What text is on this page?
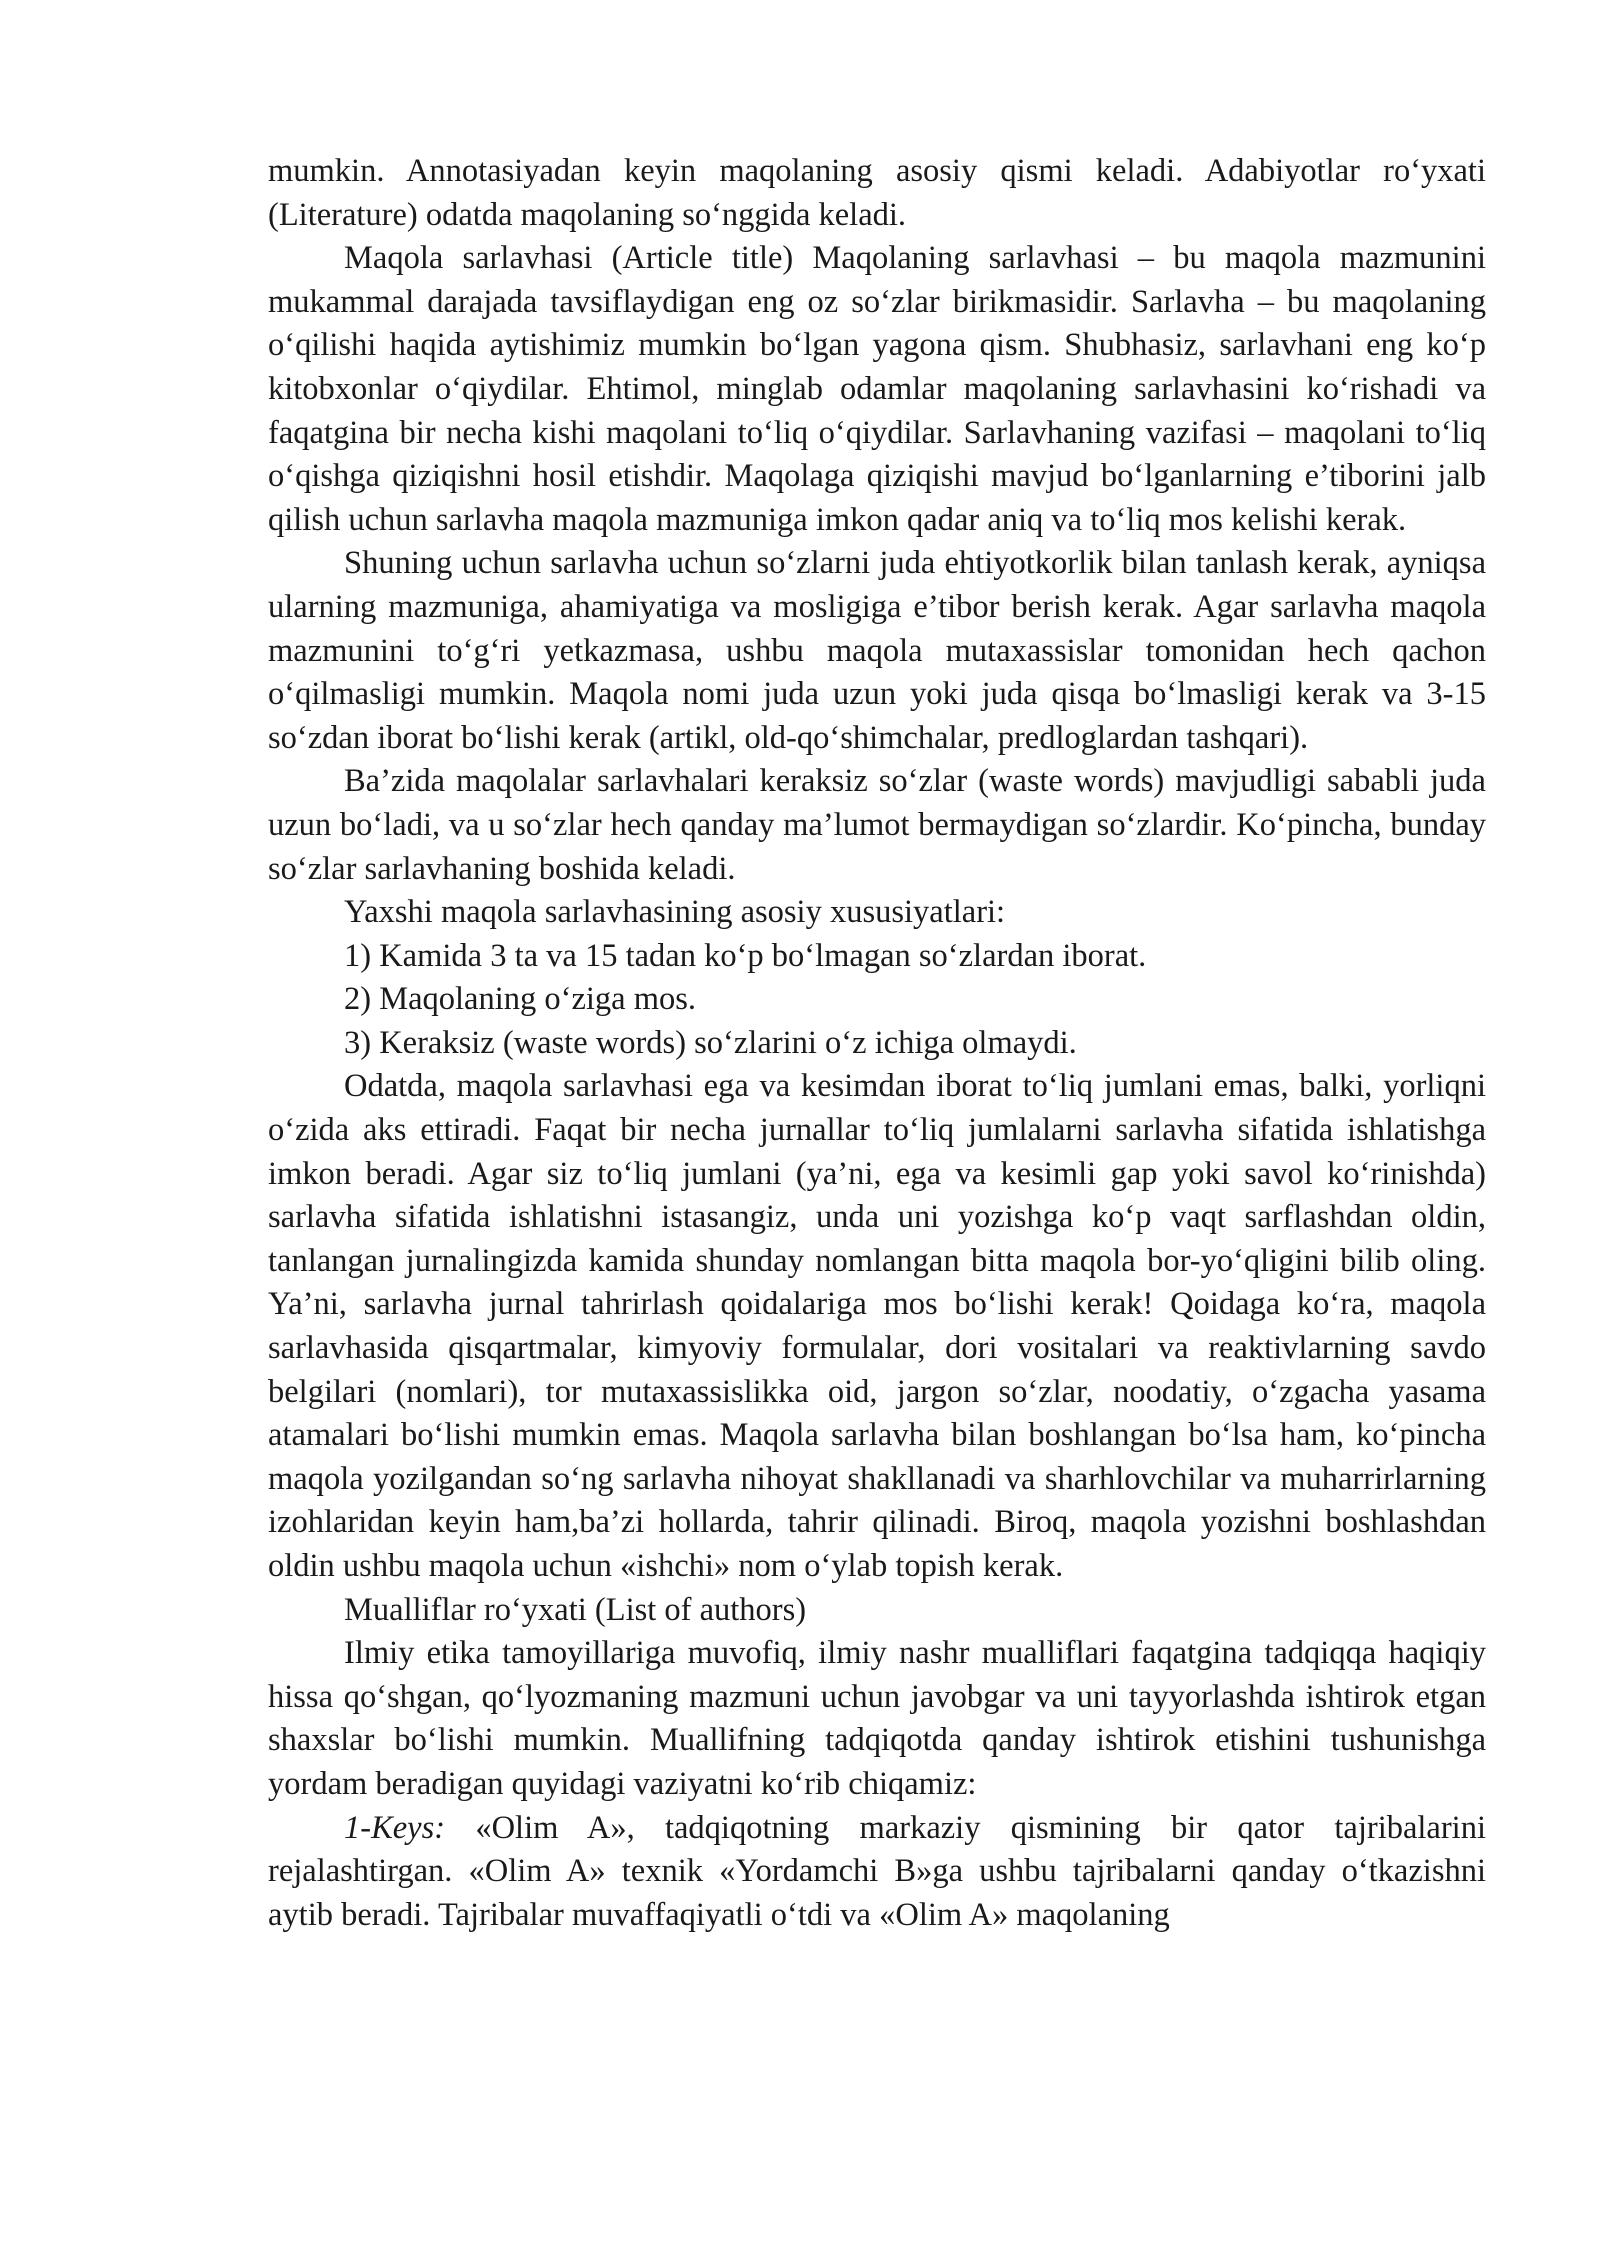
mumkin. Annotasiyadan keyin maqolaning asosiy qismi keladi. Adabiyotlar ro‘yxati (Literature) odatda maqolaning so‘nggida keladi.

Maqola sarlavhasi (Article title) Maqolaning sarlavhasi – bu maqola mazmunini mukammal darajada tavsiflaydigan eng oz so‘zlar birikmasidir. Sarlavha – bu maqolaning o‘qilishi haqida aytishimiz mumkin bo‘lgan yagona qism. Shubhasiz, sarlavhani eng ko‘p kitobxonlar o‘qiydilar. Ehtimol, minglab odamlar maqolaning sarlavhasini ko‘rishadi va faqatgina bir necha kishi maqolani to‘liq o‘qiydilar. Sarlavhaning vazifasi – maqolani to‘liq o‘qishga qiziqishni hosil etishdir. Maqolaga qiziqishi mavjud bo‘lganlarning e’tiborini jalb qilish uchun sarlavha maqola mazmuniga imkon qadar aniq va to‘liq mos kelishi kerak.

Shuning uchun sarlavha uchun so‘zlarni juda ehtiyotkorlik bilan tanlash kerak, ayniqsa ularning mazmuniga, ahamiyatiga va mosligiga e’tibor berish kerak. Agar sarlavha maqola mazmunini to‘g‘ri yetkazmasa, ushbu maqola mutaxassislar tomonidan hech qachon o‘qilmasligi mumkin. Maqola nomi juda uzun yoki juda qisqa bo‘lmasligi kerak va 3-15 so‘zdan iborat bo‘lishi kerak (artikl, old-qo‘shimchalar, predloglardan tashqari).

Ba’zida maqolalar sarlavhalari keraksiz so‘zlar (waste words) mavjudligi sababli juda uzun bo‘ladi, va u so‘zlar hech qanday ma’lumot bermaydigan so‘zlardir. Ko‘pincha, bunday so‘zlar sarlavhaning boshida keladi.

Yaxshi maqola sarlavhasining asosiy xususiyatlari:

1) Kamida 3 ta va 15 tadan ko‘p bo‘lmagan so‘zlardan iborat.

2) Maqolaning o‘ziga mos.

3) Keraksiz (waste words) so‘zlarini o‘z ichiga olmaydi.

Odatda, maqola sarlavhasi ega va kesimdan iborat to‘liq jumlani emas, balki, yorliqni o‘zida aks ettiradi. Faqat bir necha jurnallar to‘liq jumlalarni sarlavha sifatida ishlatishga imkon beradi. Agar siz to‘liq jumlani (ya’ni, ega va kesimli gap yoki savol ko‘rinishda) sarlavha sifatida ishlatishni istasangiz, unda uni yozishga ko‘p vaqt sarflashdan oldin, tanlangan jurnalingizda kamida shunday nomlangan bitta maqola bor-yo‘qligini bilib oling. Ya’ni, sarlavha jurnal tahrirlash qoidalariga mos bo‘lishi kerak! Qoidaga ko‘ra, maqola sarlavhasida qisqartmalar, kimyoviy formulalar, dori vositalari va reaktivlarning savdo belgilari (nomlari), tor mutaxassislikka oid, jargon so‘zlar, noodatiy, o‘zgacha yasama atamalari bo‘lishi mumkin emas. Maqola sarlavha bilan boshlangan bo‘lsa ham, ko‘pincha maqola yozilgandan so‘ng sarlavha nihoyat shakllanadi va sharhlovchilar va muharrirlarning izohlaridan keyin ham,ba’zi hollarda, tahrir qilinadi. Biroq, maqola yozishni boshlashdan oldin ushbu maqola uchun «ishchi» nom o‘ylab topish kerak.

Mualliflar ro‘yxati (List of authors)

Ilmiy etika tamoyillariga muvofiq, ilmiy nashr mualliflari faqatgina tadqiqqa haqiqiy hissa qo‘shgan, qo‘lyozmaning mazmuni uchun javobgar va uni tayyorlashda ishtirok etgan shaxslar bo‘lishi mumkin. Muallifning tadqiqotda qanday ishtirok etishini tushunishga yordam beradigan quyidagi vaziyatni ko‘rib chiqamiz:

1-Keys: «Olim A», tadqiqotning markaziy qismining bir qator tajribalarini rejalashtirgan. «Olim A» texnik «Yordamchi B»ga ushbu tajribalarni qanday o‘tkazishni aytib beradi. Tajribalar muvaffaqiyatli o‘tdi va «Olim A» maqolaning
